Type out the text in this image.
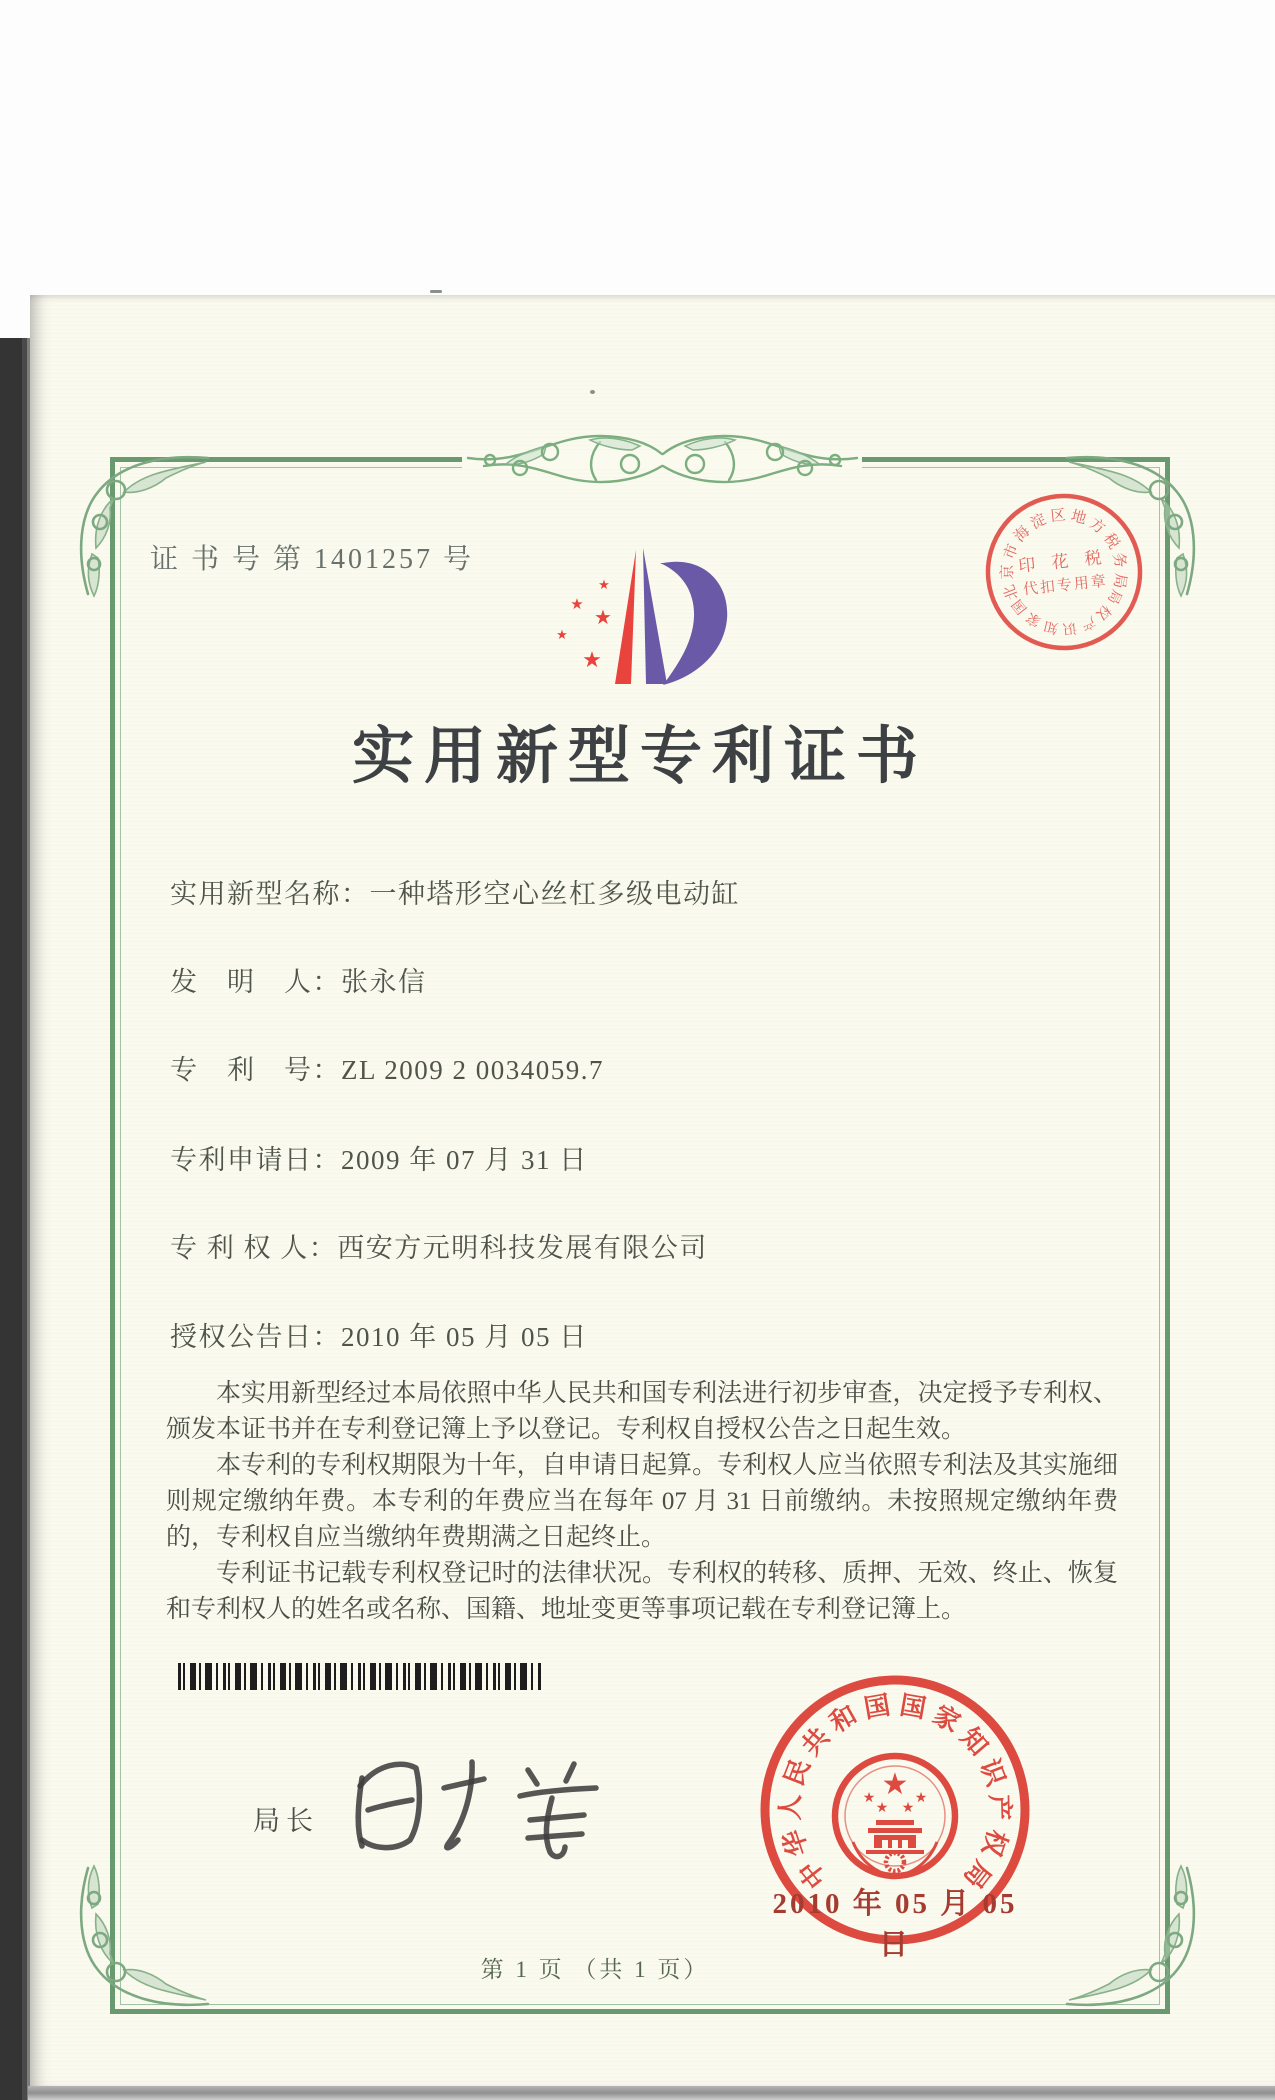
证 书 号 第 1401257 号
★
★
★
★
★
北
京
市
海
淀 区 地
方
税
务
局
国
家
知 识 产
权
局
印 花 税
代扣专用章
实用新型专利证书
实用新型名称：一种塔形空心丝杠多级电动缸
发　明　人：张永信
专　利　号：ZL 2009 2 0034059.7
专利申请日：2009 年 07 月 31 日
专 利 权 人：西安方元明科技发展有限公司
授权公告日：2010 年 05 月 05 日

本实用新型经过本局依照中华人民共和国专利法进行初步审查，决定授予专利权、颁发本证书并在专利登记簿上予以登记。专利权自授权公告之日起生效。

本专利的专利权期限为十年，自申请日起算。专利权人应当依照专利法及其实施细则规定缴纳年费。本专利的年费应当在每年 07 月 31 日前缴纳。未按照规定缴纳年费的，专利权自应当缴纳年费期满之日起终止。

专利证书记载专利权登记时的法律状况。专利权的转移、质押、无效、终止、恢复和专利权人的姓名或名称、国籍、地址变更等事项记载在专利登记簿上。

局长
中
华
人
民
共
和 国 国 家
知
识
产
权
局
★
★	★
★ ★
2010 年 05 月 05 日
第 1 页 （共 1 页）
